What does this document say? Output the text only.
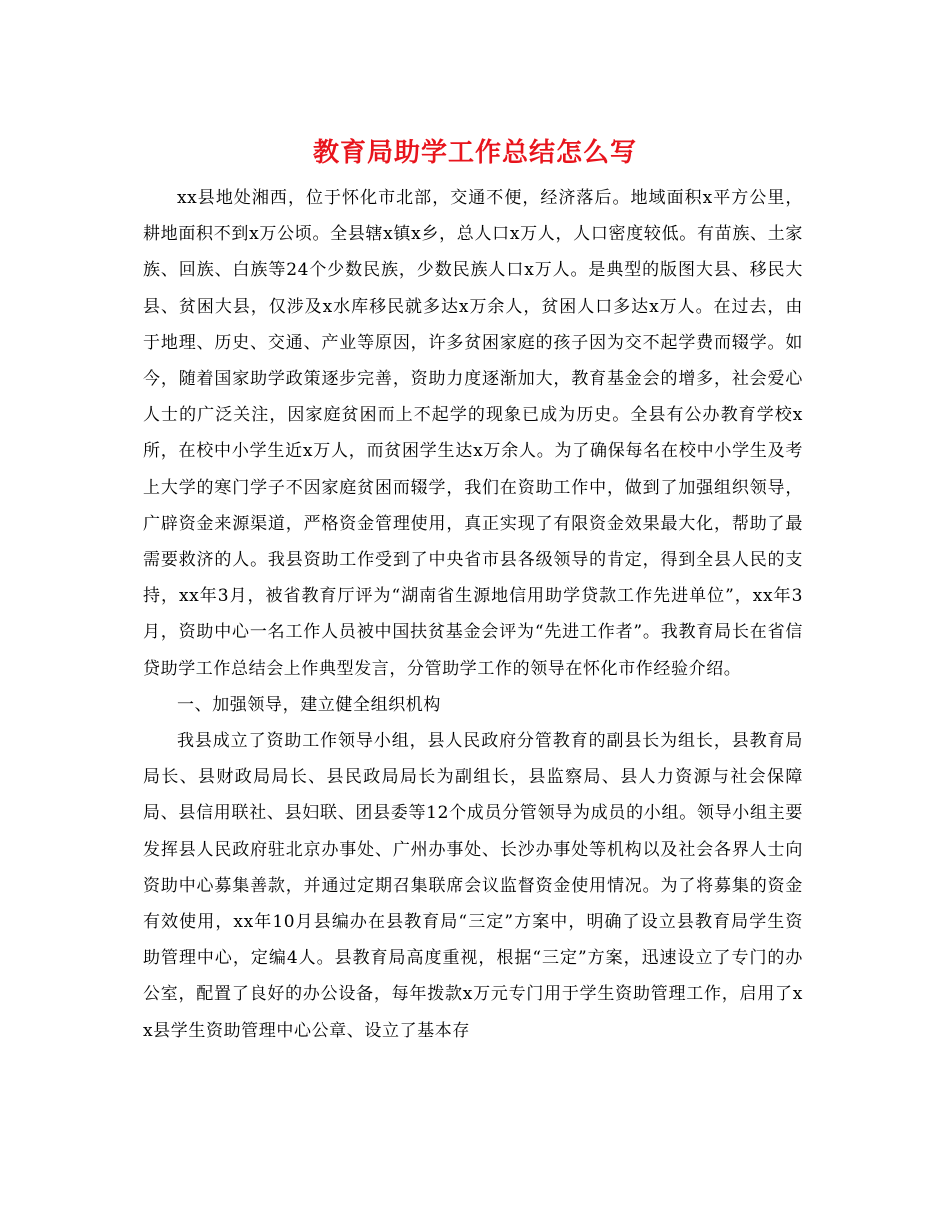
教育局助学工作总结怎么写

xx县地处湘西，位于怀化市北部，交通不便，经济落后。地域面积x平方公里，耕地面积不到x万公顷。全县辖x镇x乡，总人口x万人，人口密度较低。有苗族、土家族、回族、白族等24个少数民族，少数民族人口x万人。是典型的版图大县、移民大县、贫困大县，仅涉及x水库移民就多达x万余人，贫困人口多达x万人。在过去，由于地理、历史、交通、产业等原因，许多贫困家庭的孩子因为交不起学费而辍学。如今，随着国家助学政策逐步完善，资助力度逐渐加大，教育基金会的增多，社会爱心人士的广泛关注，因家庭贫困而上不起学的现象已成为历史。全县有公办教育学校x所，在校中小学生近x万人，而贫困学生达x万余人。为了确保每名在校中小学生及考上大学的寒门学子不因家庭贫困而辍学，我们在资助工作中，做到了加强组织领导，广辟资金来源渠道，严格资金管理使用，真正实现了有限资金效果最大化，帮助了最需要救济的人。我县资助工作受到了中央省市县各级领导的肯定，得到全县人民的支持，xx年3月，被省教育厅评为“湖南省生源地信用助学贷款工作先进单位”，xx年3月，资助中心一名工作人员被中国扶贫基金会评为“先进工作者”。我教育局长在省信贷助学工作总结会上作典型发言，分管助学工作的领导在怀化市作经验介绍。

一、加强领导，建立健全组织机构

我县成立了资助工作领导小组，县人民政府分管教育的副县长为组长，县教育局局长、县财政局局长、县民政局局长为副组长，县监察局、县人力资源与社会保障局、县信用联社、县妇联、团县委等12个成员分管领导为成员的小组。领导小组主要发挥县人民政府驻北京办事处、广州办事处、长沙办事处等机构以及社会各界人士向资助中心募集善款，并通过定期召集联席会议监督资金使用情况。为了将募集的资金有效使用，xx年10月县编办在县教育局“三定”方案中，明确了设立县教育局学生资助管理中心，定编4人。县教育局高度重视，根据“三定”方案，迅速设立了专门的办公室，配置了良好的办公设备，每年拨款x万元专门用于学生资助管理工作，启用了xx县学生资助管理中心公章、设立了基本存
